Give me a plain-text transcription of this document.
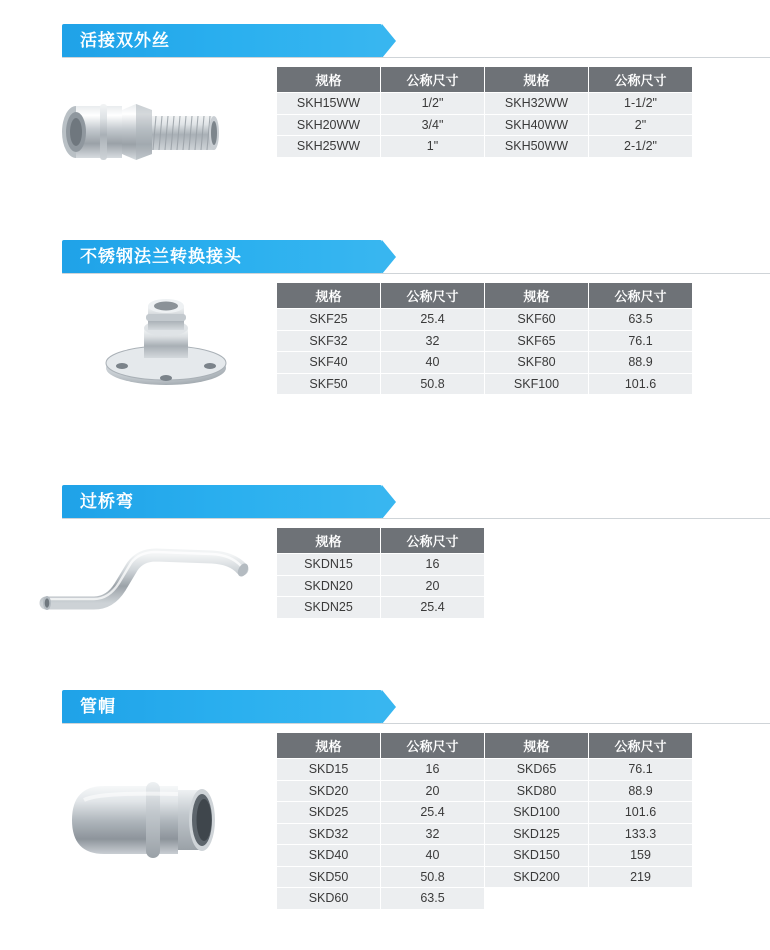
活接双外丝
规格	公称尺寸	规格	公称尺寸
SKH15WW	1/2"	SKH32WW	1-1/2"
SKH20WW	3/4"	SKH40WW	2"
SKH25WW	1"	SKH50WW	2-1/2"
不锈钢法兰转换接头
规格	公称尺寸	规格	公称尺寸
SKF25	25.4	SKF60	63.5
SKF32	32	SKF65	76.1
SKF40	40	SKF80	88.9
SKF50	50.8	SKF100	101.6
过桥弯
规格	公称尺寸
SKDN15	16
SKDN20	20
SKDN25	25.4
管帽
规格	公称尺寸	规格	公称尺寸
SKD15	16	SKD65	76.1
SKD20	20	SKD80	88.9
SKD25	25.4	SKD100	101.6
SKD32	32	SKD125	133.3
SKD40	40	SKD150	159
SKD50	50.8	SKD200	219
SKD60	63.5		
